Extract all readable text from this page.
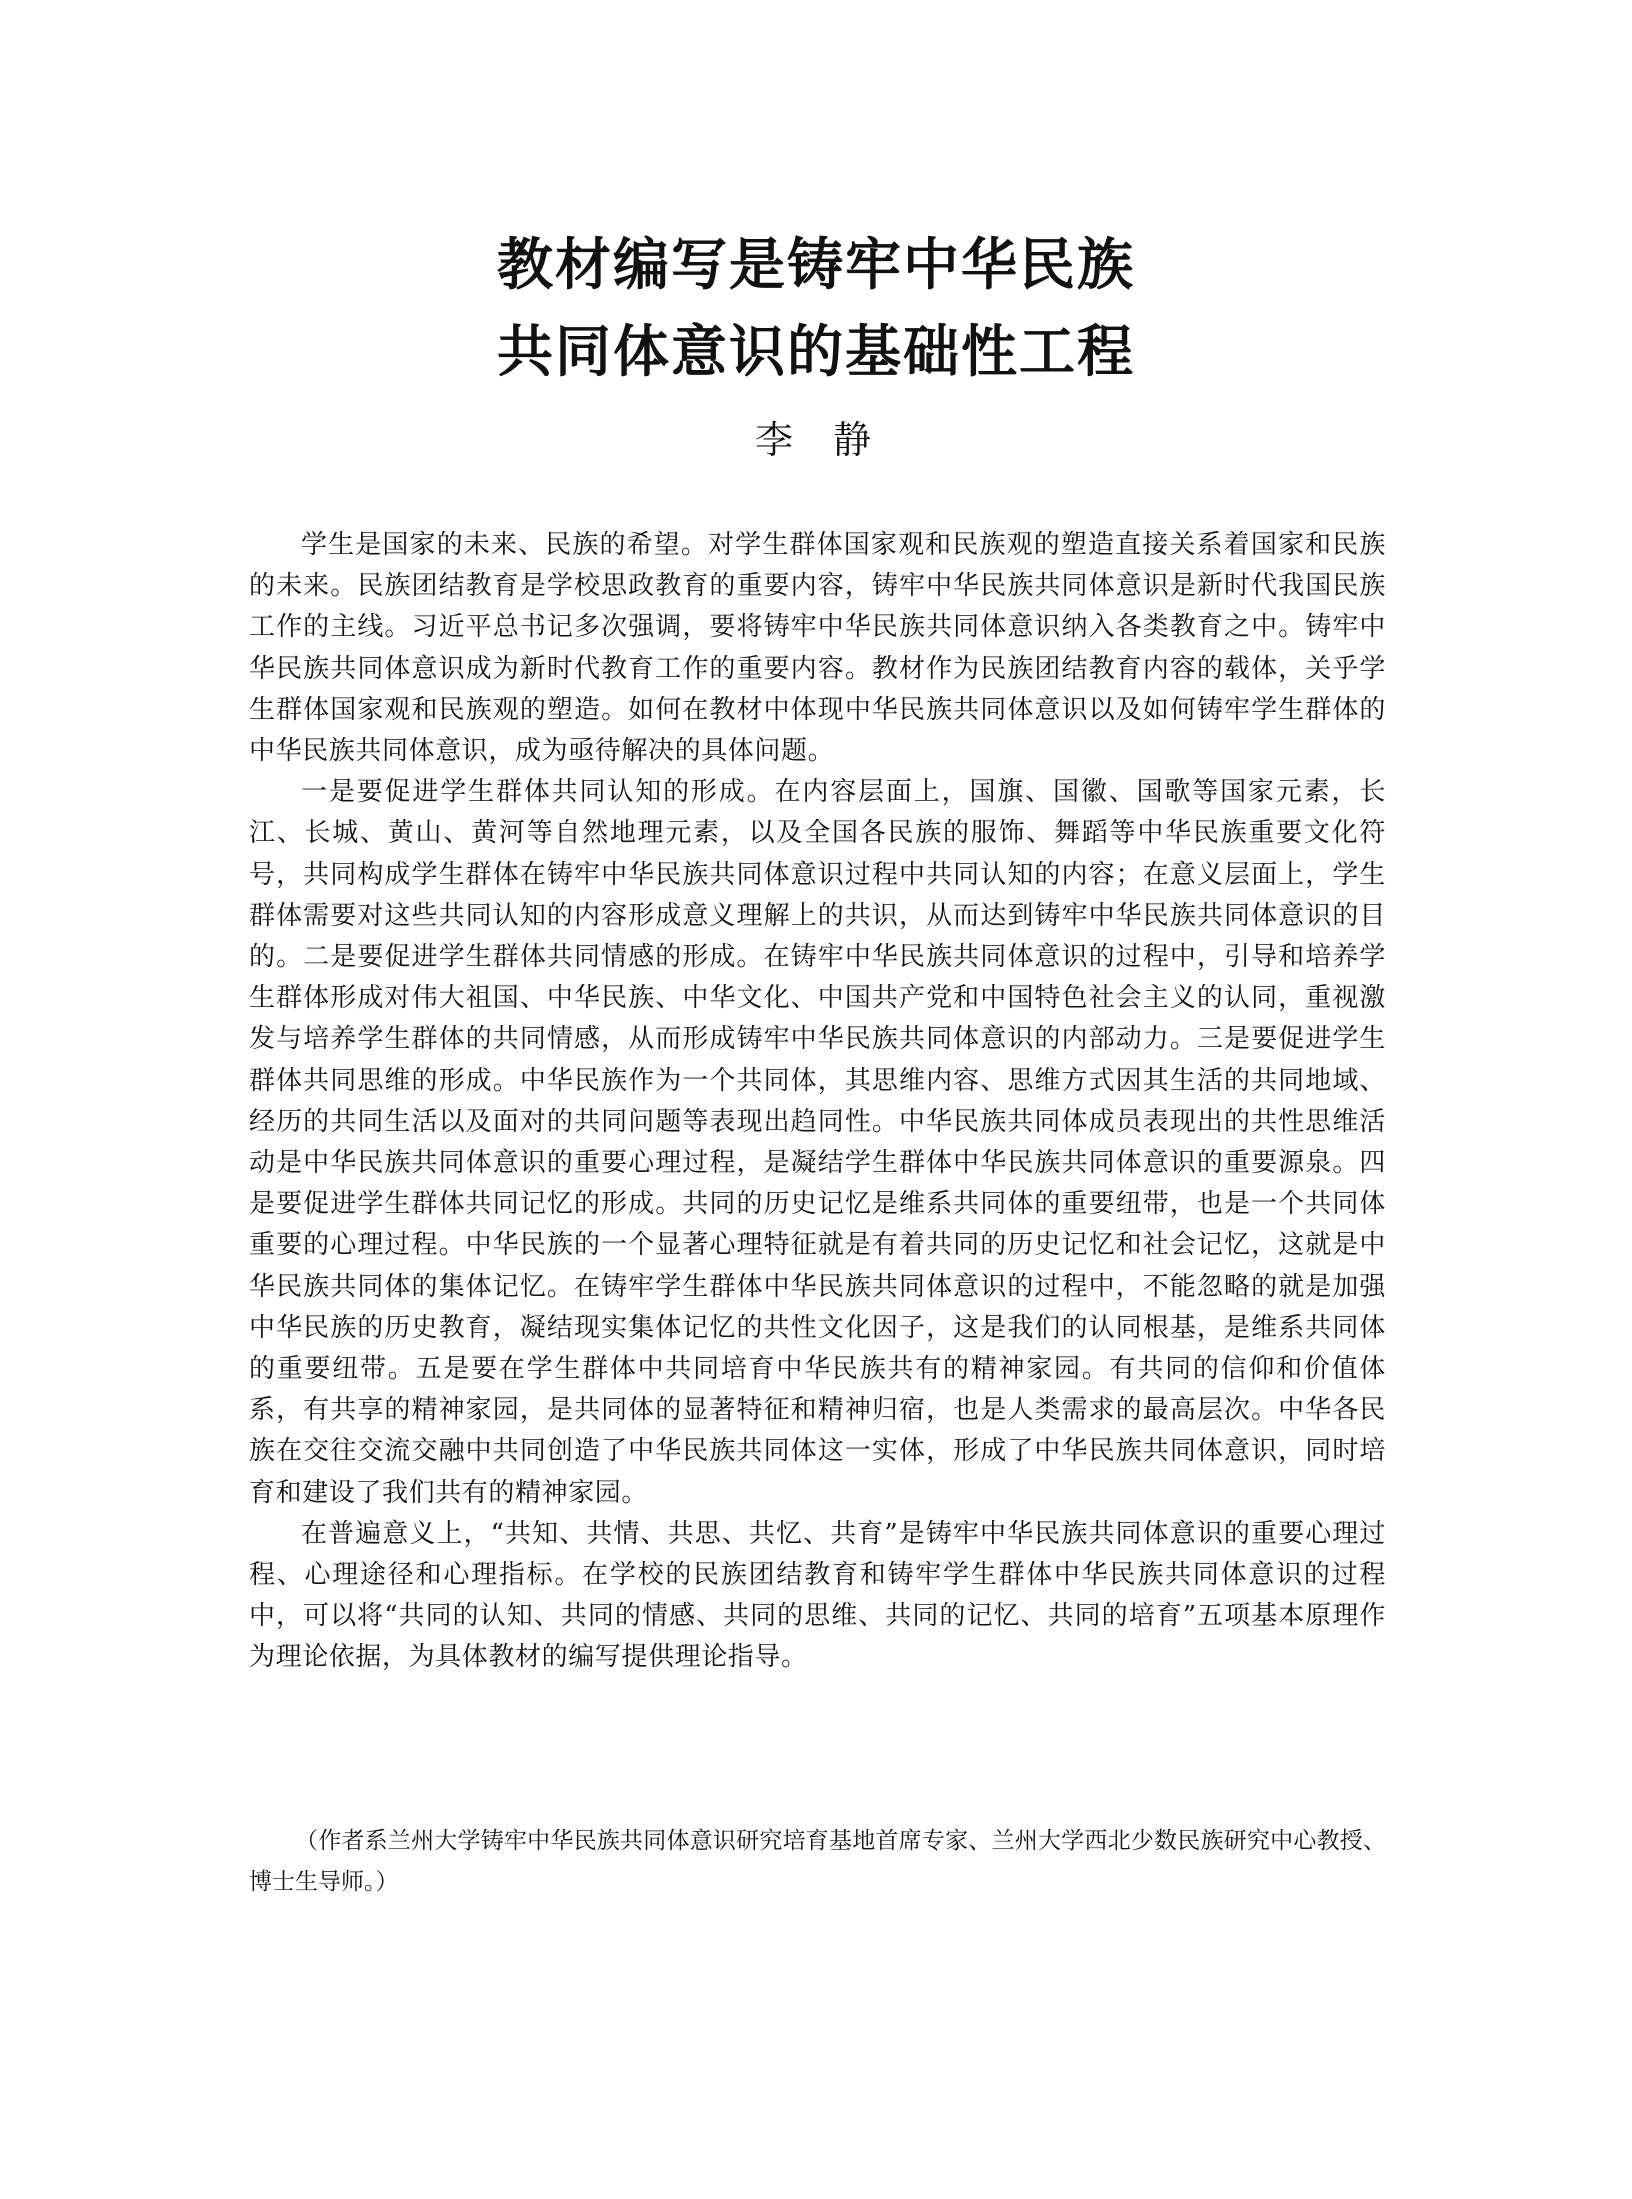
教材编写是铸牢中华民族
共同体意识的基础性工程
李 静

学生是国家的未来、民族的希望。对学生群体国家观和民族观的塑造直接关系着国家和民族的未来。民族团结教育是学校思政教育的重要内容，铸牢中华民族共同体意识是新时代我国民族工作的主线。习近平总书记多次强调，要将铸牢中华民族共同体意识纳入各类教育之中。铸牢中华民族共同体意识成为新时代教育工作的重要内容。教材作为民族团结教育内容的载体，关乎学生群体国家观和民族观的塑造。如何在教材中体现中华民族共同体意识以及如何铸牢学生群体的中华民族共同体意识，成为亟待解决的具体问题。

一是要促进学生群体共同认知的形成。在内容层面上，国旗、国徽、国歌等国家元素，长江、长城、黄山、黄河等自然地理元素，以及全国各民族的服饰、舞蹈等中华民族重要文化符号，共同构成学生群体在铸牢中华民族共同体意识过程中共同认知的内容；在意义层面上，学生群体需要对这些共同认知的内容形成意义理解上的共识，从而达到铸牢中华民族共同体意识的目的。二是要促进学生群体共同情感的形成。在铸牢中华民族共同体意识的过程中，引导和培养学生群体形成对伟大祖国、中华民族、中华文化、中国共产党和中国特色社会主义的认同，重视激发与培养学生群体的共同情感，从而形成铸牢中华民族共同体意识的内部动力。三是要促进学生群体共同思维的形成。中华民族作为一个共同体，其思维内容、思维方式因其生活的共同地域、经历的共同生活以及面对的共同问题等表现出趋同性。中华民族共同体成员表现出的共性思维活动是中华民族共同体意识的重要心理过程，是凝结学生群体中华民族共同体意识的重要源泉。四是要促进学生群体共同记忆的形成。共同的历史记忆是维系共同体的重要纽带，也是一个共同体重要的心理过程。中华民族的一个显著心理特征就是有着共同的历史记忆和社会记忆，这就是中华民族共同体的集体记忆。在铸牢学生群体中华民族共同体意识的过程中，不能忽略的就是加强中华民族的历史教育，凝结现实集体记忆的共性文化因子，这是我们的认同根基，是维系共同体的重要纽带。五是要在学生群体中共同培育中华民族共有的精神家园。有共同的信仰和价值体系，有共享的精神家园，是共同体的显著特征和精神归宿，也是人类需求的最高层次。中华各民族在交往交流交融中共同创造了中华民族共同体这一实体，形成了中华民族共同体意识，同时培育和建设了我们共有的精神家园。

在普遍意义上，“共知、共情、共思、共忆、共育”是铸牢中华民族共同体意识的重要心理过程、心理途径和心理指标。在学校的民族团结教育和铸牢学生群体中华民族共同体意识的过程中，可以将“共同的认知、共同的情感、共同的思维、共同的记忆、共同的培育”五项基本原理作为理论依据，为具体教材的编写提供理论指导。

（作者系兰州大学铸牢中华民族共同体意识研究培育基地首席专家、兰州大学西北少数民族研究中心教授、博士生导师。）
